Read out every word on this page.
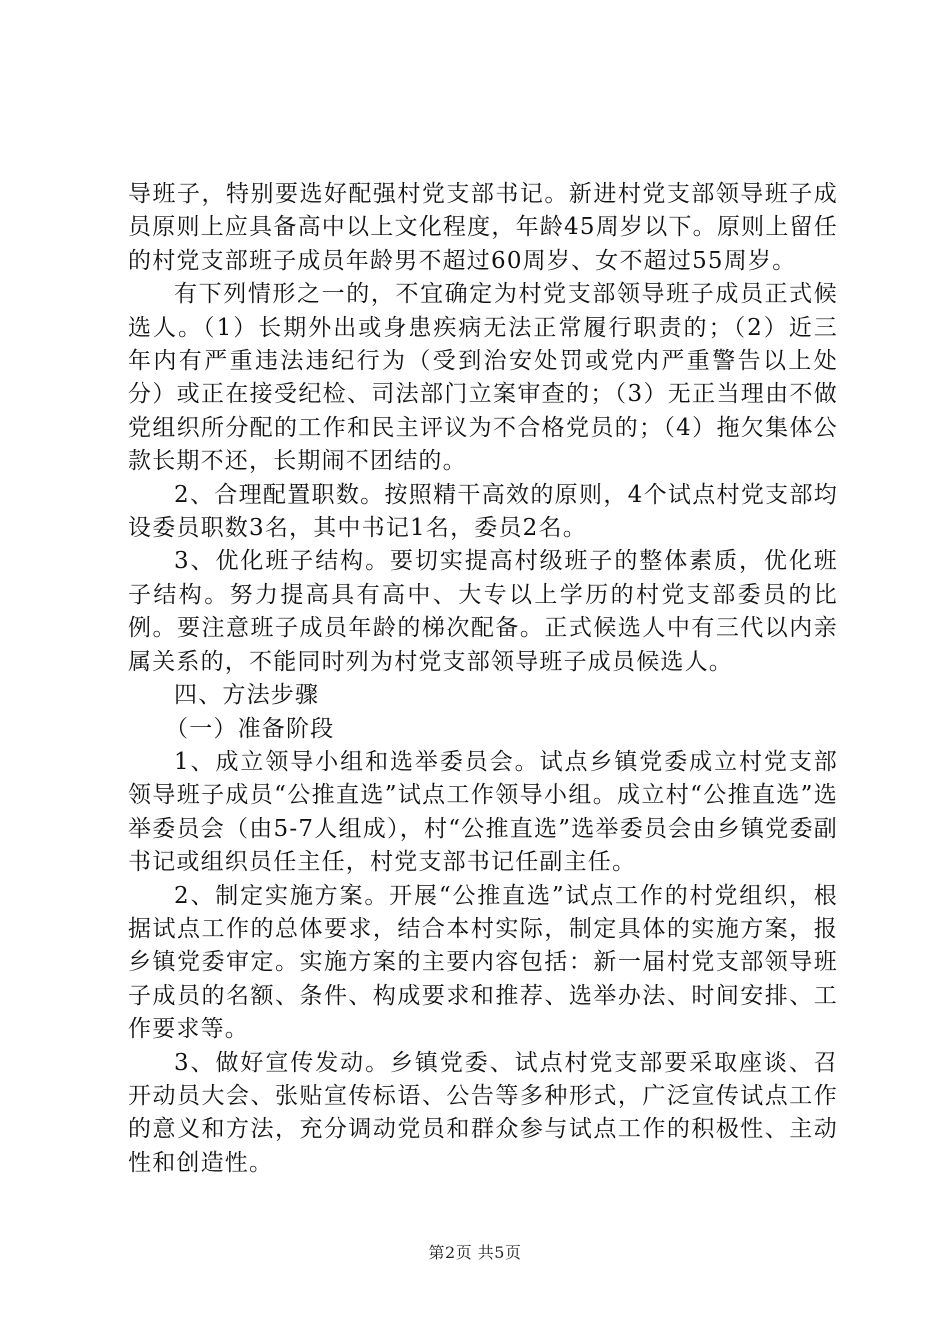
导班子，特别要选好配强村党支部书记。新进村党支部领导班子成员原则上应具备高中以上文化程度，年龄45周岁以下。原则上留任的村党支部班子成员年龄男不超过60周岁、女不超过55周岁。

有下列情形之一的，不宜确定为村党支部领导班子成员正式候选人。（1）长期外出或身患疾病无法正常履行职责的；（2）近三年内有严重违法违纪行为（受到治安处罚或党内严重警告以上处分）或正在接受纪检、司法部门立案审查的；（3）无正当理由不做党组织所分配的工作和民主评议为不合格党员的；（4）拖欠集体公款长期不还，长期闹不团结的。

2、合理配置职数。按照精干高效的原则，4个试点村党支部均设委员职数3名，其中书记1名，委员2名。

3、优化班子结构。要切实提高村级班子的整体素质，优化班子结构。努力提高具有高中、大专以上学历的村党支部委员的比例。要注意班子成员年龄的梯次配备。正式候选人中有三代以内亲属关系的，不能同时列为村党支部领导班子成员候选人。

四、方法步骤

（一）准备阶段

1、成立领导小组和选举委员会。试点乡镇党委成立村党支部领导班子成员“公推直选”试点工作领导小组。成立村“公推直选”选举委员会（由5-7人组成），村“公推直选”选举委员会由乡镇党委副书记或组织员任主任，村党支部书记任副主任。

2、制定实施方案。开展“公推直选”试点工作的村党组织，根据试点工作的总体要求，结合本村实际，制定具体的实施方案，报乡镇党委审定。实施方案的主要内容包括：新一届村党支部领导班子成员的名额、条件、构成要求和推荐、选举办法、时间安排、工作要求等。

3、做好宣传发动。乡镇党委、试点村党支部要采取座谈、召开动员大会、张贴宣传标语、公告等多种形式，广泛宣传试点工作的意义和方法，充分调动党员和群众参与试点工作的积极性、主动性和创造性。

第2页 共5页
